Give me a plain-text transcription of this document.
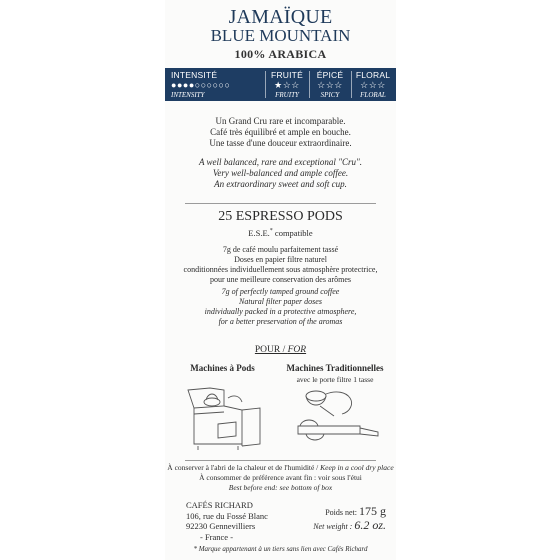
JAMAÏQUE
BLUE MOUNTAIN
100% ARABICA
INTENSITÉ
●●●●○○○○○○
INTENSITY
FRUITÉ
★☆☆
FRUITY
ÉPICÉ
☆☆☆
SPICY
FLORAL
☆☆☆
FLORAL
Un Grand Cru rare et incomparable.
Café très équilibré et ample en bouche.
Une tasse d'une douceur extraordinaire.
A well balanced, rare and exceptional "Cru".
Very well-balanced and ample coffee.
An extraordinary sweet and soft cup.
25 ESPRESSO PODS
E.S.E.* compatible
7g de café moulu parfaitement tassé
Doses en papier filtre naturel
conditionnées individuellement sous atmosphère protectrice,
pour une meilleure conservation des arômes
7g of perfectly tamped ground coffee
Natural filter paper doses
individually packed in a protective atmosphere,
for a better preservation of the aromas
POUR / FOR
Machines à Pods	Machines Traditionnelles
avec le porte filtre 1 tasse
À conserver à l'abri de la chaleur et de l'humidité / Keep in a cool dry place
À consommer de préférence avant fin : voir sous l'étui
Best before end: see bottom of box
CAFÉS RICHARD
106, rue du Fossé Blanc
92230 Gennevilliers
- France -
Poids net: 175 g
Net weight : 6.2 oz.
* Marque appartenant à un tiers sans lien avec Cafés Richard
